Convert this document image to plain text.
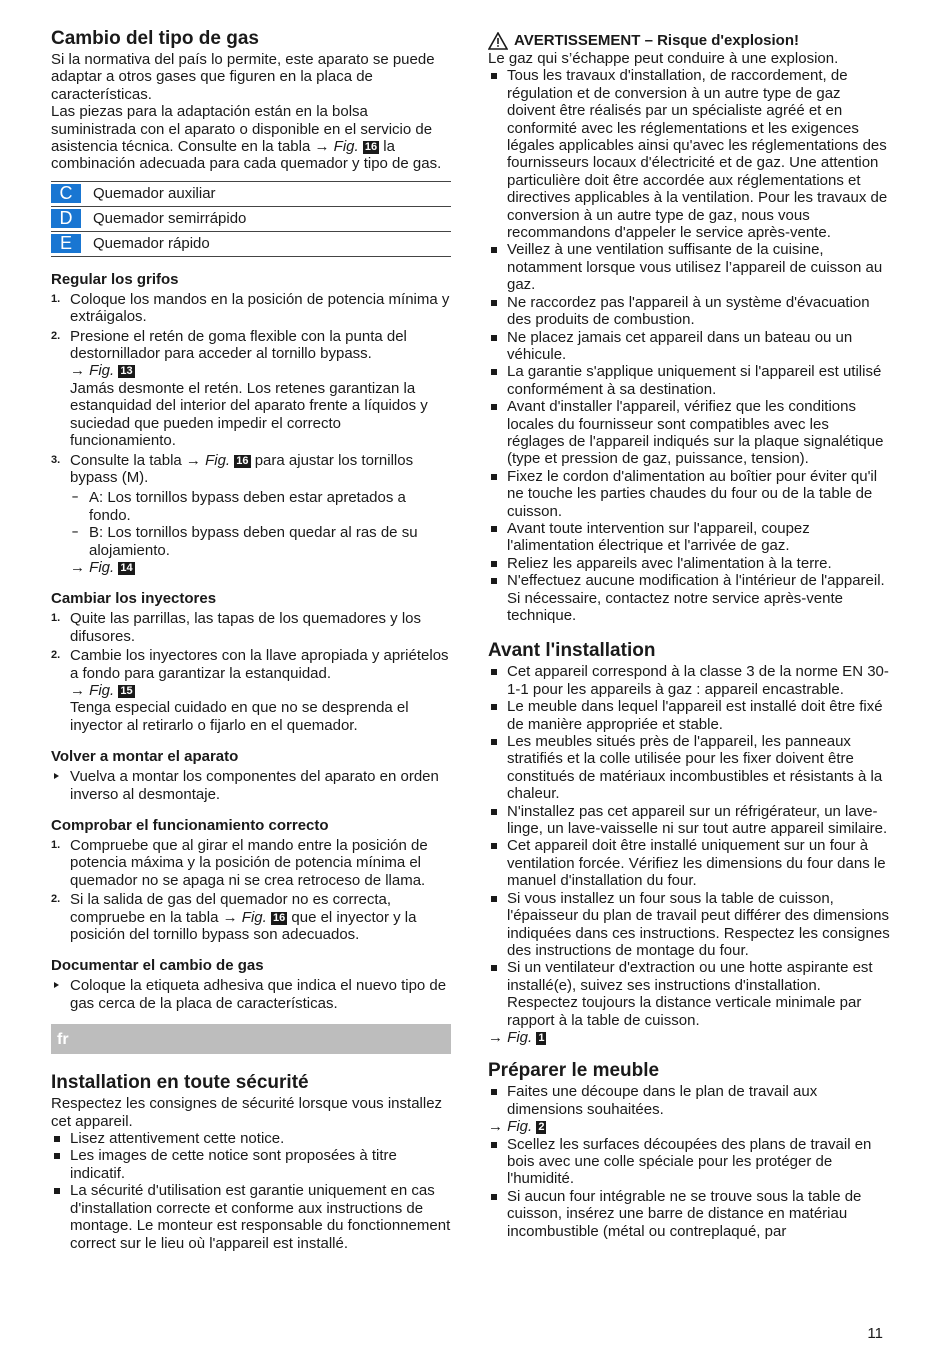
Cambio del tipo de gas

Si la normativa del país lo permite, este aparato se puede adaptar a otros gases que figuren en la placa de características.

Las piezas para la adaptación están en la bolsa suministrada con el aparato o disponible en el servicio de asistencia técnica. Consulte en la tabla → Fig. 16 la combinación adecuada para cada quemador y tipo de gas.

C	Quemador auxiliar
D	Quemador semirrápido
E	Quemador rápido
Regular los grifos
1. Coloque los mandos en la posición de potencia mínima y extráigalos.
2. Presione el retén de goma flexible con la punta del destornillador para acceder al tornillo bypass.
→ Fig. 13
Jamás desmonte el retén. Los retenes garantizan la estanquidad del interior del aparato frente a líquidos y suciedad que pueden impedir el correcto funcionamiento.
3. Consulte la tabla → Fig. 16 para ajustar los tornillos bypass (M).
– A: Los tornillos bypass deben estar apretados a fondo.
– B: Los tornillos bypass deben quedar al ras de su alojamiento.
→ Fig. 14
Cambiar los inyectores
1. Quite las parrillas, las tapas de los quemadores y los difusores.
2. Cambie los inyectores con la llave apropiada y apriételos a fondo para garantizar la estanquidad.
→ Fig. 15
Tenga especial cuidado en que no se desprenda el inyector al retirarlo o fijarlo en el quemador.
Volver a montar el aparato
Vuelva a montar los componentes del aparato en orden inverso al desmontaje.
Comprobar el funcionamiento correcto
1. Compruebe que al girar el mando entre la posición de potencia máxima y la posición de potencia mínima el quemador no se apaga ni se crea retroceso de llama.
2. Si la salida de gas del quemador no es correcta, compruebe en la tabla → Fig. 16 que el inyector y la posición del tornillo bypass son adecuados.
Documentar el cambio de gas
Coloque la etiqueta adhesiva que indica el nuevo tipo de gas cerca de la placa de características.
fr
Installation en toute sécurité

Respectez les consignes de sécurité lorsque vous installez cet appareil.

Lisez attentivement cette notice.
Les images de cette notice sont proposées à titre indicatif.
La sécurité d'utilisation est garantie uniquement en cas d'installation correcte et conforme aux instructions de montage. Le monteur est responsable du fonctionnement correct sur le lieu où l'appareil est installé.
AVERTISSEMENT – Risque d'explosion!

Le gaz qui s’échappe peut conduire à une explosion.

Tous les travaux d'installation, de raccordement, de régulation et de conversion à un autre type de gaz doivent être réalisés par un spécialiste agréé et en conformité avec les réglementations et les exigences légales applicables ainsi qu'avec les réglementations des fournisseurs locaux d'électricité et de gaz. Une attention particulière doit être accordée aux réglementations et directives applicables à la ventilation. Pour les travaux de conversion à un autre type de gaz, nous vous recommandons d'appeler le service après-vente.
Veillez à une ventilation suffisante de la cuisine, notamment lorsque vous utilisez l’appareil de cuisson au gaz.
Ne raccordez pas l'appareil à un système d'évacuation des produits de combustion.
Ne placez jamais cet appareil dans un bateau ou un véhicule.
La garantie s'applique uniquement si l'appareil est utilisé conformément à sa destination.
Avant d'installer l'appareil, vérifiez que les conditions locales du fournisseur sont compatibles avec les réglages de l'appareil indiqués sur la plaque signalétique (type et pression de gaz, puissance, tension).
Fixez le cordon d'alimentation au boîtier pour éviter qu'il ne touche les parties chaudes du four ou de la table de cuisson.
Avant toute intervention sur l'appareil, coupez l'alimentation électrique et l'arrivée de gaz.
Reliez les appareils avec l'alimentation à la terre.
N'effectuez aucune modification à l'intérieur de l'appareil. Si nécessaire, contactez notre service après-vente technique.
Avant l'installation
Cet appareil correspond à la classe 3 de la norme EN 30-1-1 pour les appareils à gaz : appareil encastrable.
Le meuble dans lequel l'appareil est installé doit être fixé de manière appropriée et stable.
Les meubles situés près de l'appareil, les panneaux stratifiés et la colle utilisée pour les fixer doivent être constitués de matériaux incombustibles et résistants à la chaleur.
N'installez pas cet appareil sur un réfrigérateur, un lave-linge, un lave-vaisselle ni sur tout autre appareil similaire.
Cet appareil doit être installé uniquement sur un four à ventilation forcée. Vérifiez les dimensions du four dans le manuel d'installation du four.
Si vous installez un four sous la table de cuisson, l'épaisseur du plan de travail peut différer des dimensions indiquées dans ces instructions. Respectez les consignes des instructions de montage du four.
Si un ventilateur d'extraction ou une hotte aspirante est installé(e), suivez ses instructions d'installation. Respectez toujours la distance verticale minimale par rapport à la table de cuisson.

→ Fig. 1

Préparer le meuble
Faites une découpe dans le plan de travail aux dimensions souhaitées.

→ Fig. 2

Scellez les surfaces découpées des plans de travail en bois avec une colle spéciale pour les protéger de l'humidité.
Si aucun four intégrable ne se trouve sous la table de cuisson, insérez une barre de distance en matériau incombustible (métal ou contreplaqué, par
11
